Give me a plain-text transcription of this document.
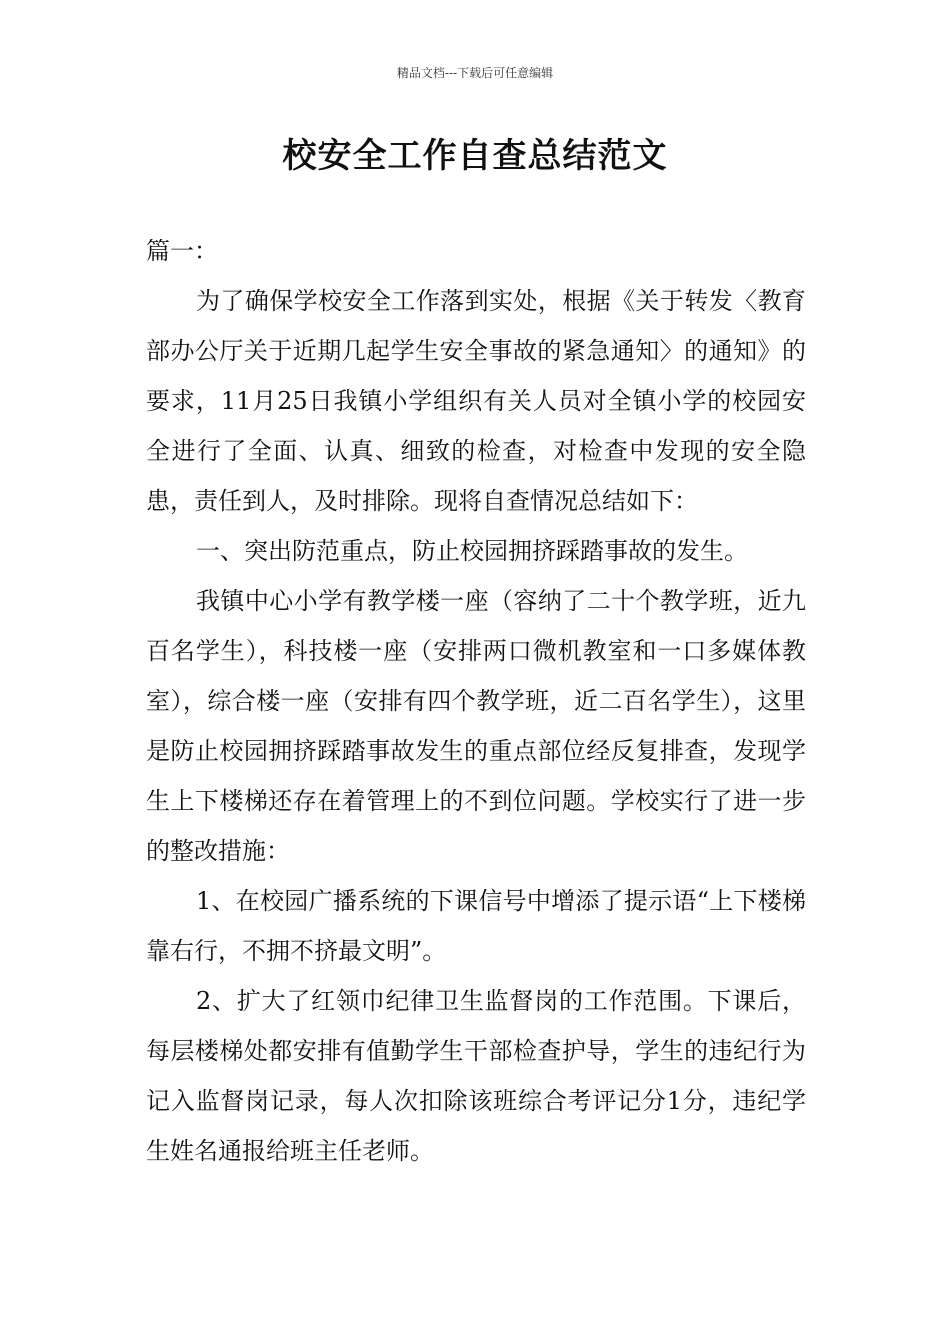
精品文档---下载后可任意编辑
校安全工作自查总结范文

篇一：

为了确保学校安全工作落到实处，根据《关于转发〈教育部办公厅关于近期几起学生安全事故的紧急通知〉的通知》的要求，11月25日我镇小学组织有关人员对全镇小学的校园安全进行了全面、认真、细致的检查，对检查中发现的安全隐患，责任到人，及时排除。现将自查情况总结如下：

一、突出防范重点，防止校园拥挤踩踏事故的发生。

我镇中心小学有教学楼一座（容纳了二十个教学班，近九百名学生），科技楼一座（安排两口微机教室和一口多媒体教室），综合楼一座（安排有四个教学班，近二百名学生），这里是防止校园拥挤踩踏事故发生的重点部位经反复排查，发现学生上下楼梯还存在着管理上的不到位问题。学校实行了进一步的整改措施：

1、在校园广播系统的下课信号中增添了提示语“上下楼梯靠右行，不拥不挤最文明”。

2、扩大了红领巾纪律卫生监督岗的工作范围。下课后，每层楼梯处都安排有值勤学生干部检查护导，学生的违纪行为记入监督岗记录，每人次扣除该班综合考评记分1分，违纪学生姓名通报给班主任老师。
